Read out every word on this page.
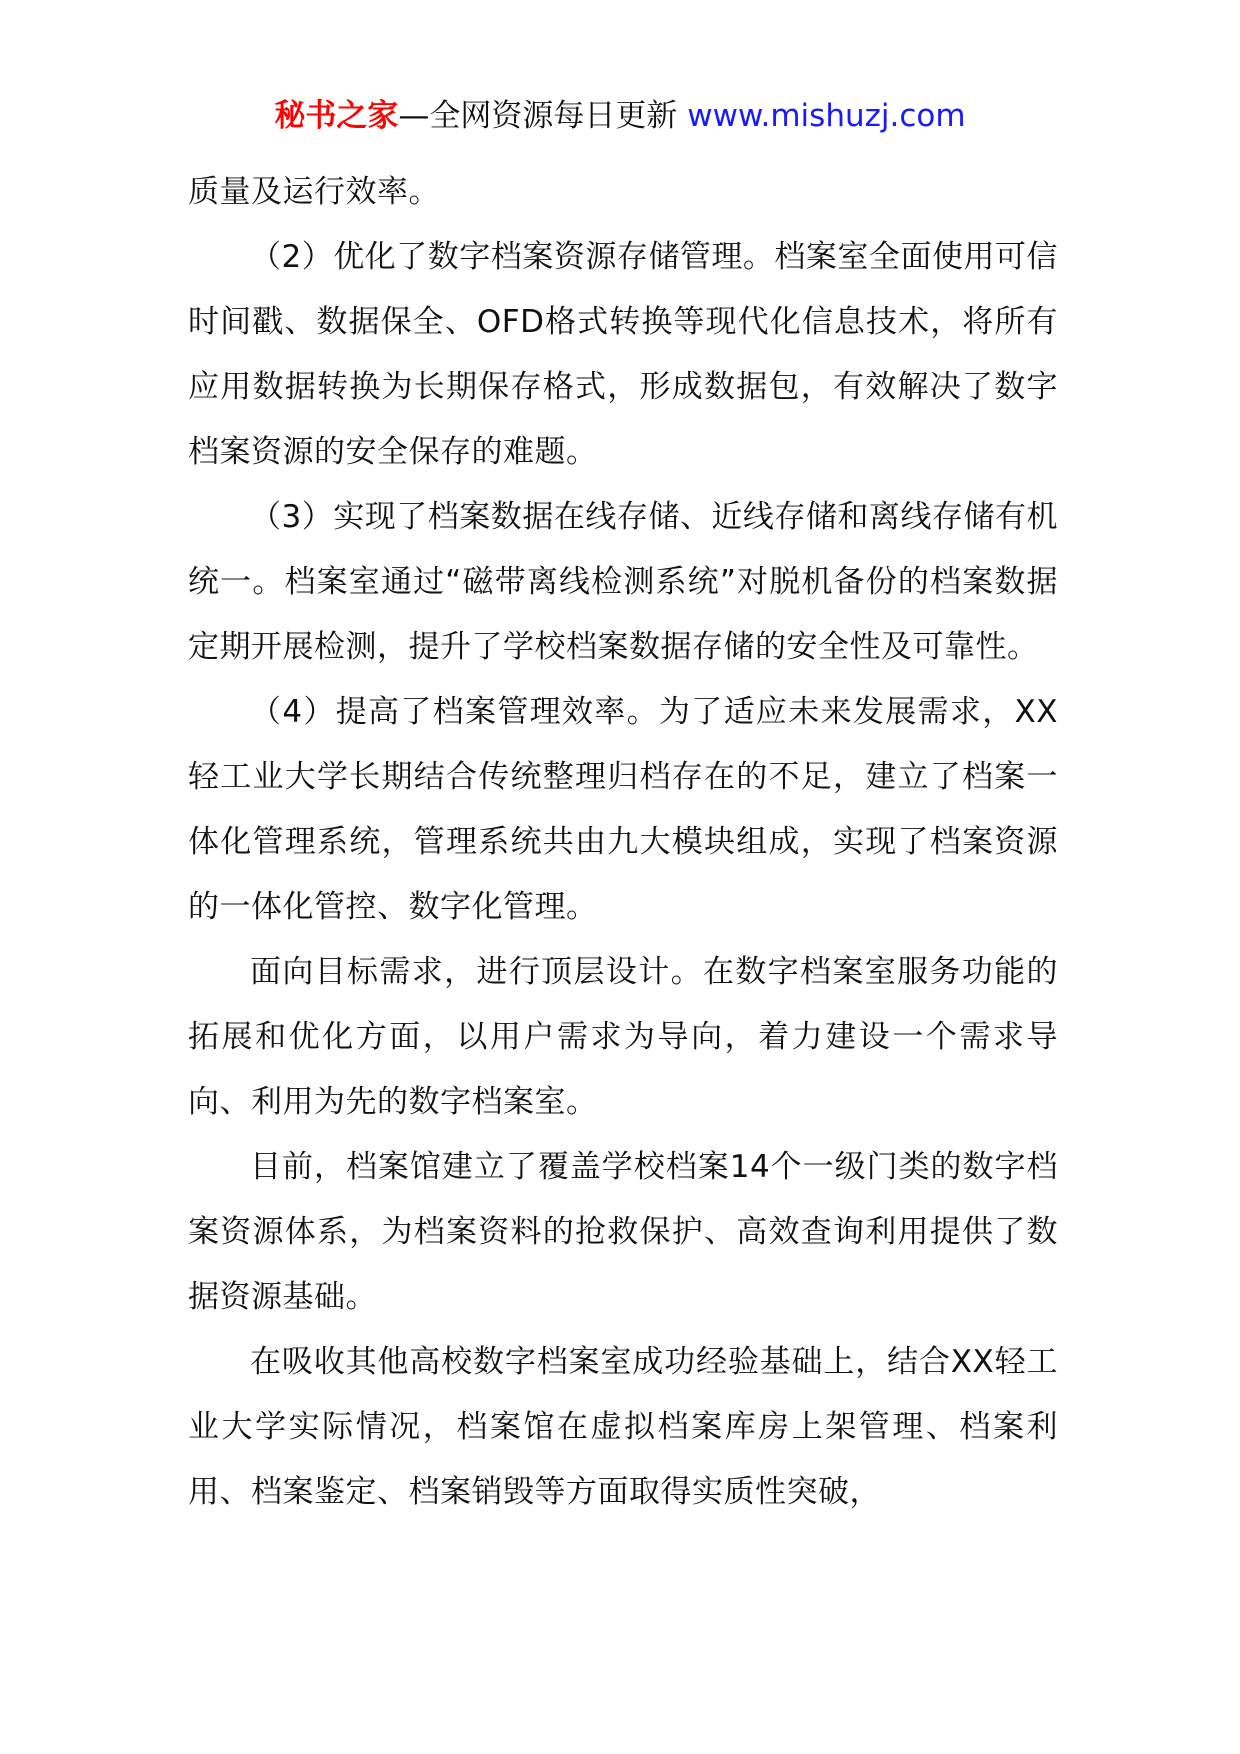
秘书之家—全网资源每日更新 www.mishuzj.com

质量及运行效率。

（2）优化了数字档案资源存储管理。档案室全面使用可信时间戳、数据保全、OFD格式转换等现代化信息技术，将所有应用数据转换为长期保存格式，形成数据包，有效解决了数字档案资源的安全保存的难题。

（3）实现了档案数据在线存储、近线存储和离线存储有机统一。档案室通过“磁带离线检测系统”对脱机备份的档案数据定期开展检测，提升了学校档案数据存储的安全性及可靠性。

（4）提高了档案管理效率。为了适应未来发展需求，XX轻工业大学长期结合传统整理归档存在的不足，建立了档案一体化管理系统，管理系统共由九大模块组成，实现了档案资源的一体化管控、数字化管理。

面向目标需求，进行顶层设计。在数字档案室服务功能的拓展和优化方面，以用户需求为导向，着力建设一个需求导向、利用为先的数字档案室。

目前，档案馆建立了覆盖学校档案14个一级门类的数字档案资源体系，为档案资料的抢救保护、高效查询利用提供了数据资源基础。

在吸收其他高校数字档案室成功经验基础上，结合XX轻工业大学实际情况，档案馆在虚拟档案库房上架管理、档案利用、档案鉴定、档案销毁等方面取得实质性突破，
